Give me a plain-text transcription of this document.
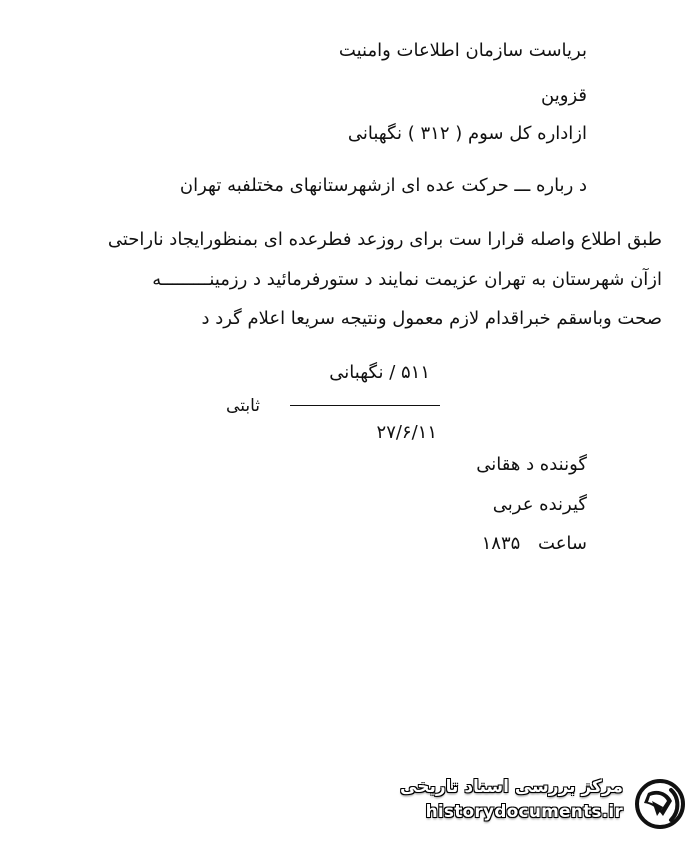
بریاست سازمان اطلاعات وامنیت
قزوین
ازاداره کل سوم ( ۳۱۲ ) نگهبانی
د رباره ـــ حرکت عده ای ازشهرستانهای مختلفبه تهران
طبق اطلاع واصله قرارا ست برای روزعد فطرعده ای بمنظورایجاد ناراحتی
ازآن شهرستان به تهران عزیمت نمایند د ستورفرمائید د رزمینـــــــــه
صحت وباسقم خبراقدام لازم معمول ونتیجه سریعا اعلام گرد د
۵۱۱ / نگهبانی
ثابتی
۲۷/۶/۱۱
گوننده د هقانی
گیرنده عربی
ساعت ۱۸۳۵
مرکز بررسی اسناد تاریخی
historydocuments.ir
